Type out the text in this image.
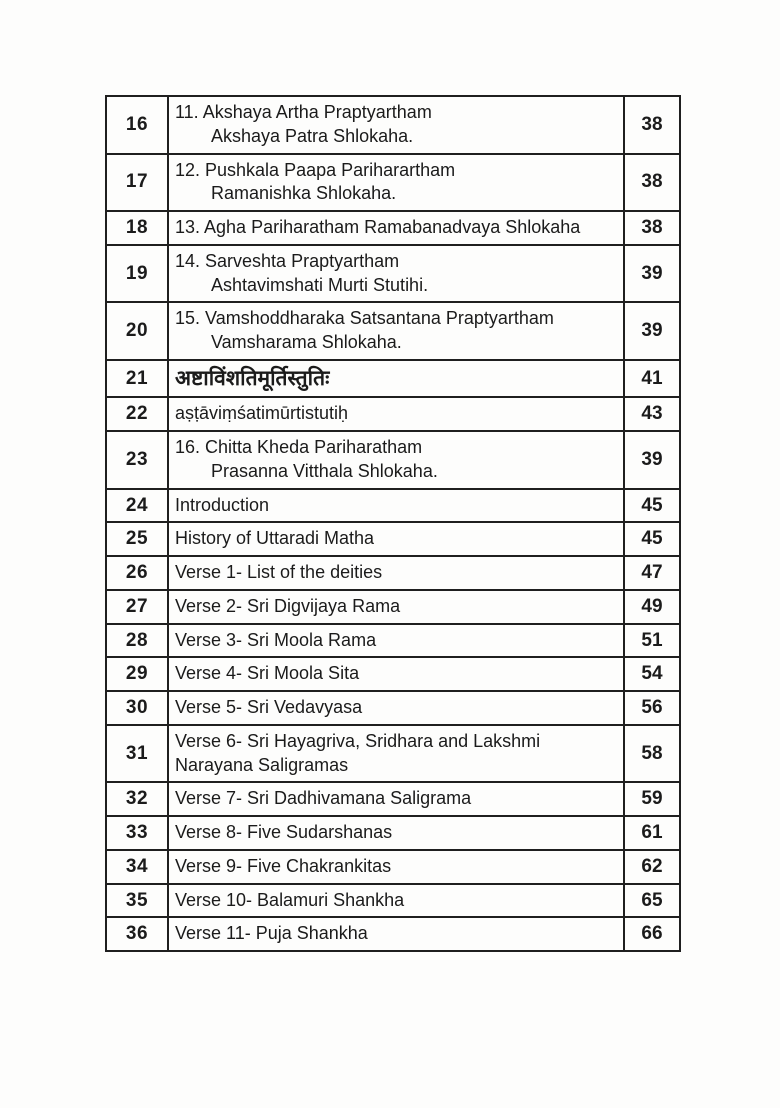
16	11. Akshaya Artha Praptyartham
Akshaya Patra Shlokaha.	38
17	12. Pushkala Paapa Pariharartham
Ramanishka Shlokaha.	38
18	13. Agha Pariharatham Ramabanadvaya Shlokaha	38
19	14. Sarveshta Praptyartham
Ashtavimshati Murti Stutihi.	39
20	15. Vamshoddharaka Satsantana Praptyartham
Vamsharama Shlokaha.	39
21	अष्टाविंशतिमूर्तिस्तुतिः	41
22	aṣṭāviṃśatimūrtistutiḥ	43
23	16. Chitta Kheda Pariharatham
Prasanna Vitthala Shlokaha.	39
24	Introduction	45
25	History of Uttaradi Matha	45
26	Verse 1- List of the deities	47
27	Verse 2- Sri Digvijaya Rama	49
28	Verse 3- Sri Moola Rama	51
29	Verse 4- Sri Moola Sita	54
30	Verse 5- Sri Vedavyasa	56
31	Verse 6- Sri Hayagriva, Sridhara and Lakshmi
Narayana Saligramas	58
32	Verse 7- Sri Dadhivamana Saligrama	59
33	Verse 8- Five Sudarshanas	61
34	Verse 9- Five Chakrankitas	62
35	Verse 10- Balamuri Shankha	65
36	Verse 11- Puja Shankha	66
